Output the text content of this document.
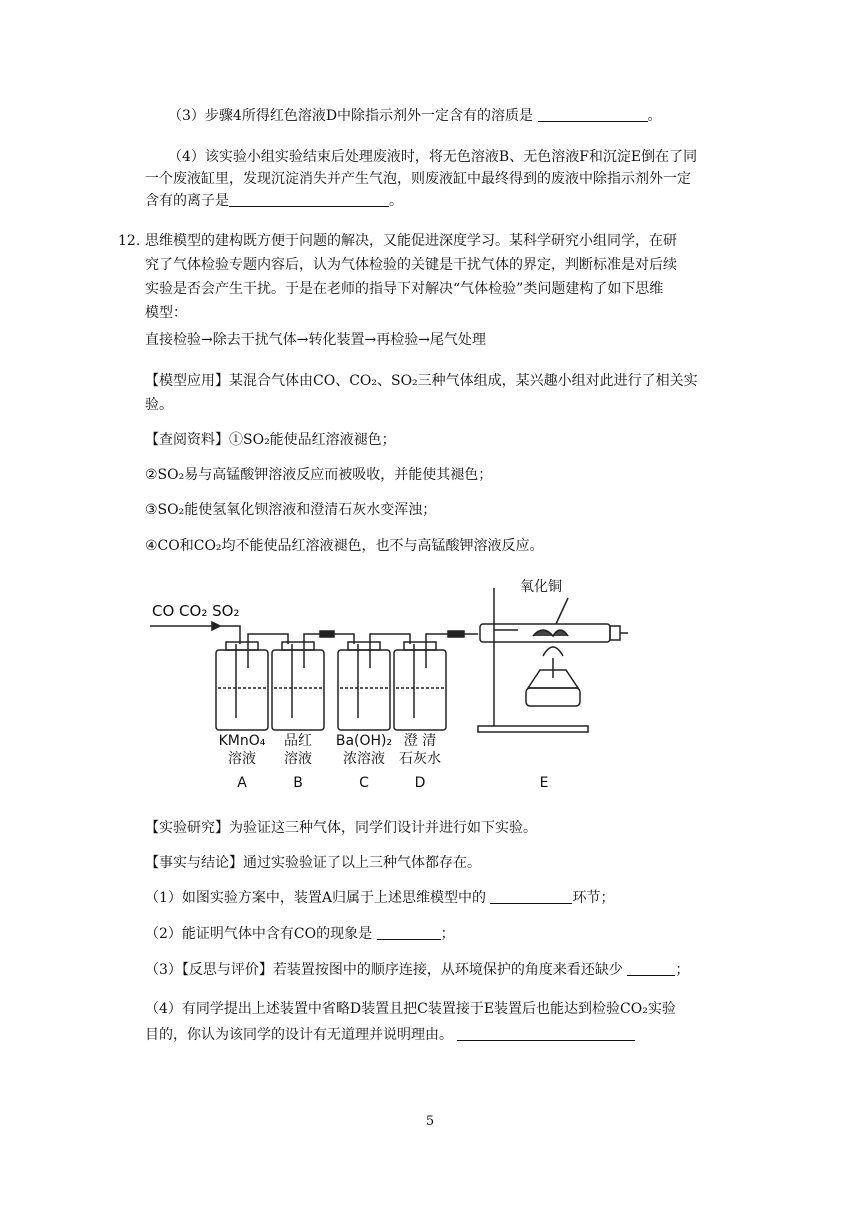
（3）步骤4所得红色溶液D中除指示剂外一定含有的溶质是	。

（4）该实验小组实验结束后处理废液时，将无色溶液B、无色溶液F和沉淀E倒在了同

一个废液缸里，发现沉淀消失并产生气泡，则废液缸中最终得到的废液中除指示剂外一定

含有的离子是	。

12. 思维模型的建构既方便于问题的解决，又能促进深度学习。某科学研究小组同学，在研

究了气体检验专题内容后，认为气体检验的关键是干扰气体的界定，判断标准是对后续

实验是否会产生干扰。于是在老师的指导下对解决“气体检验”类问题建构了如下思维

模型：

直接检验→除去干扰气体→转化装置→再检验→尾气处理

【模型应用】某混合气体由CO、CO₂、SO₂三种气体组成，某兴趣小组对此进行了相关实

验。

【查阅资料】①SO₂能使品红溶液褪色；

②SO₂易与高锰酸钾溶液反应而被吸收，并能使其褪色；

③SO₂能使氢氧化钡溶液和澄清石灰水变浑浊；

④CO和CO₂均不能使品红溶液褪色，也不与高锰酸钾溶液反应。

CO CO₂ SO₂
氧化铜
KMnO₄
溶液
A
品红
溶液
B
Ba(OH)₂
浓溶液
C
澄 清
石灰水
D	E

【实验研究】为验证这三种气体，同学们设计并进行如下实验。

【事实与结论】通过实验验证了以上三种气体都存在。

（1）如图实验方案中，装置A归属于上述思维模型中的	环节；

（2）能证明气体中含有CO的现象是	；

（3）【反思与评价】若装置按图中的顺序连接，从环境保护的角度来看还缺少	；

（4）有同学提出上述装置中省略D装置且把C装置接于E装置后也能达到检验CO₂实验

目的，你认为该同学的设计有无道理并说明理由。

5
